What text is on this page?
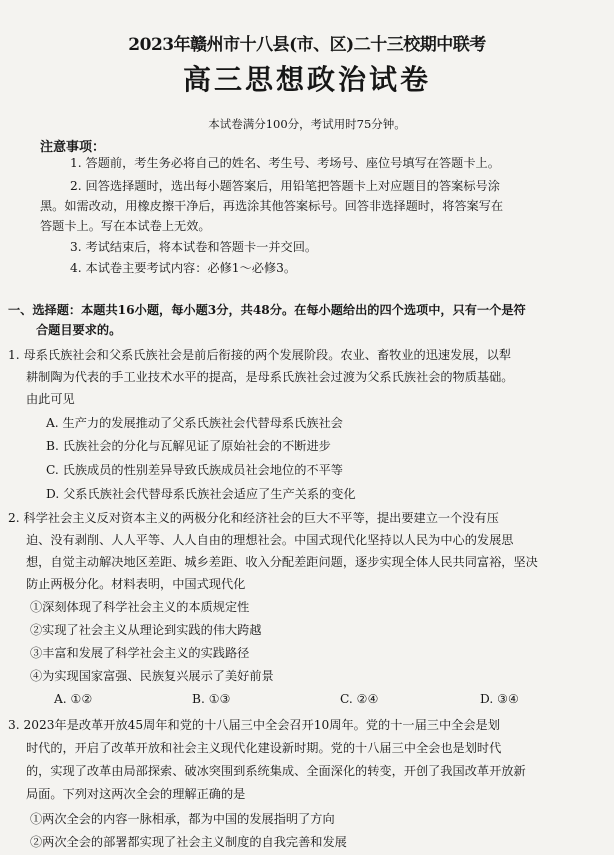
2023年赣州市十八县(市、区)二十三校期中联考
高三思想政治试卷
本试卷满分100分，考试用时75分钟。
注意事项：
1. 答题前，考生务必将自己的姓名、考生号、考场号、座位号填写在答题卡上。
2. 回答选择题时，选出每小题答案后，用铅笔把答题卡上对应题目的答案标号涂
黑。如需改动，用橡皮擦干净后，再选涂其他答案标号。回答非选择题时，将答案写在
答题卡上。写在本试卷上无效。
3. 考试结束后，将本试卷和答题卡一并交回。
4. 本试卷主要考试内容：必修1～必修3。
一、选择题：本题共16小题，每小题3分，共48分。在每小题给出的四个选项中，只有一个是符
合题目要求的。
1. 母系氏族社会和父系氏族社会是前后衔接的两个发展阶段。农业、畜牧业的迅速发展，以犁
耕制陶为代表的手工业技术水平的提高，是母系氏族社会过渡为父系氏族社会的物质基础。
由此可见
A. 生产力的发展推动了父系氏族社会代替母系氏族社会
B. 氏族社会的分化与瓦解见证了原始社会的不断进步
C. 氏族成员的性别差异导致氏族成员社会地位的不平等
D. 父系氏族社会代替母系氏族社会适应了生产关系的变化
2. 科学社会主义反对资本主义的两极分化和经济社会的巨大不平等，提出要建立一个没有压
迫、没有剥削、人人平等、人人自由的理想社会。中国式现代化坚持以人民为中心的发展思
想，自觉主动解决地区差距、城乡差距、收入分配差距问题，逐步实现全体人民共同富裕，坚决
防止两极分化。材料表明，中国式现代化
①深刻体现了科学社会主义的本质规定性
②实现了社会主义从理论到实践的伟大跨越
③丰富和发展了科学社会主义的实践路径
④为实现国家富强、民族复兴展示了美好前景
A. ①②	B. ①③	C. ②④	D. ③④
3. 2023年是改革开放45周年和党的十八届三中全会召开10周年。党的十一届三中全会是划
时代的，开启了改革开放和社会主义现代化建设新时期。党的十八届三中全会也是划时代
的，实现了改革由局部探索、破冰突围到系统集成、全面深化的转变，开创了我国改革开放新
局面。下列对这两次全会的理解正确的是
①两次全会的内容一脉相承，都为中国的发展指明了方向
②两次全会的部署都实现了社会主义制度的自我完善和发展
